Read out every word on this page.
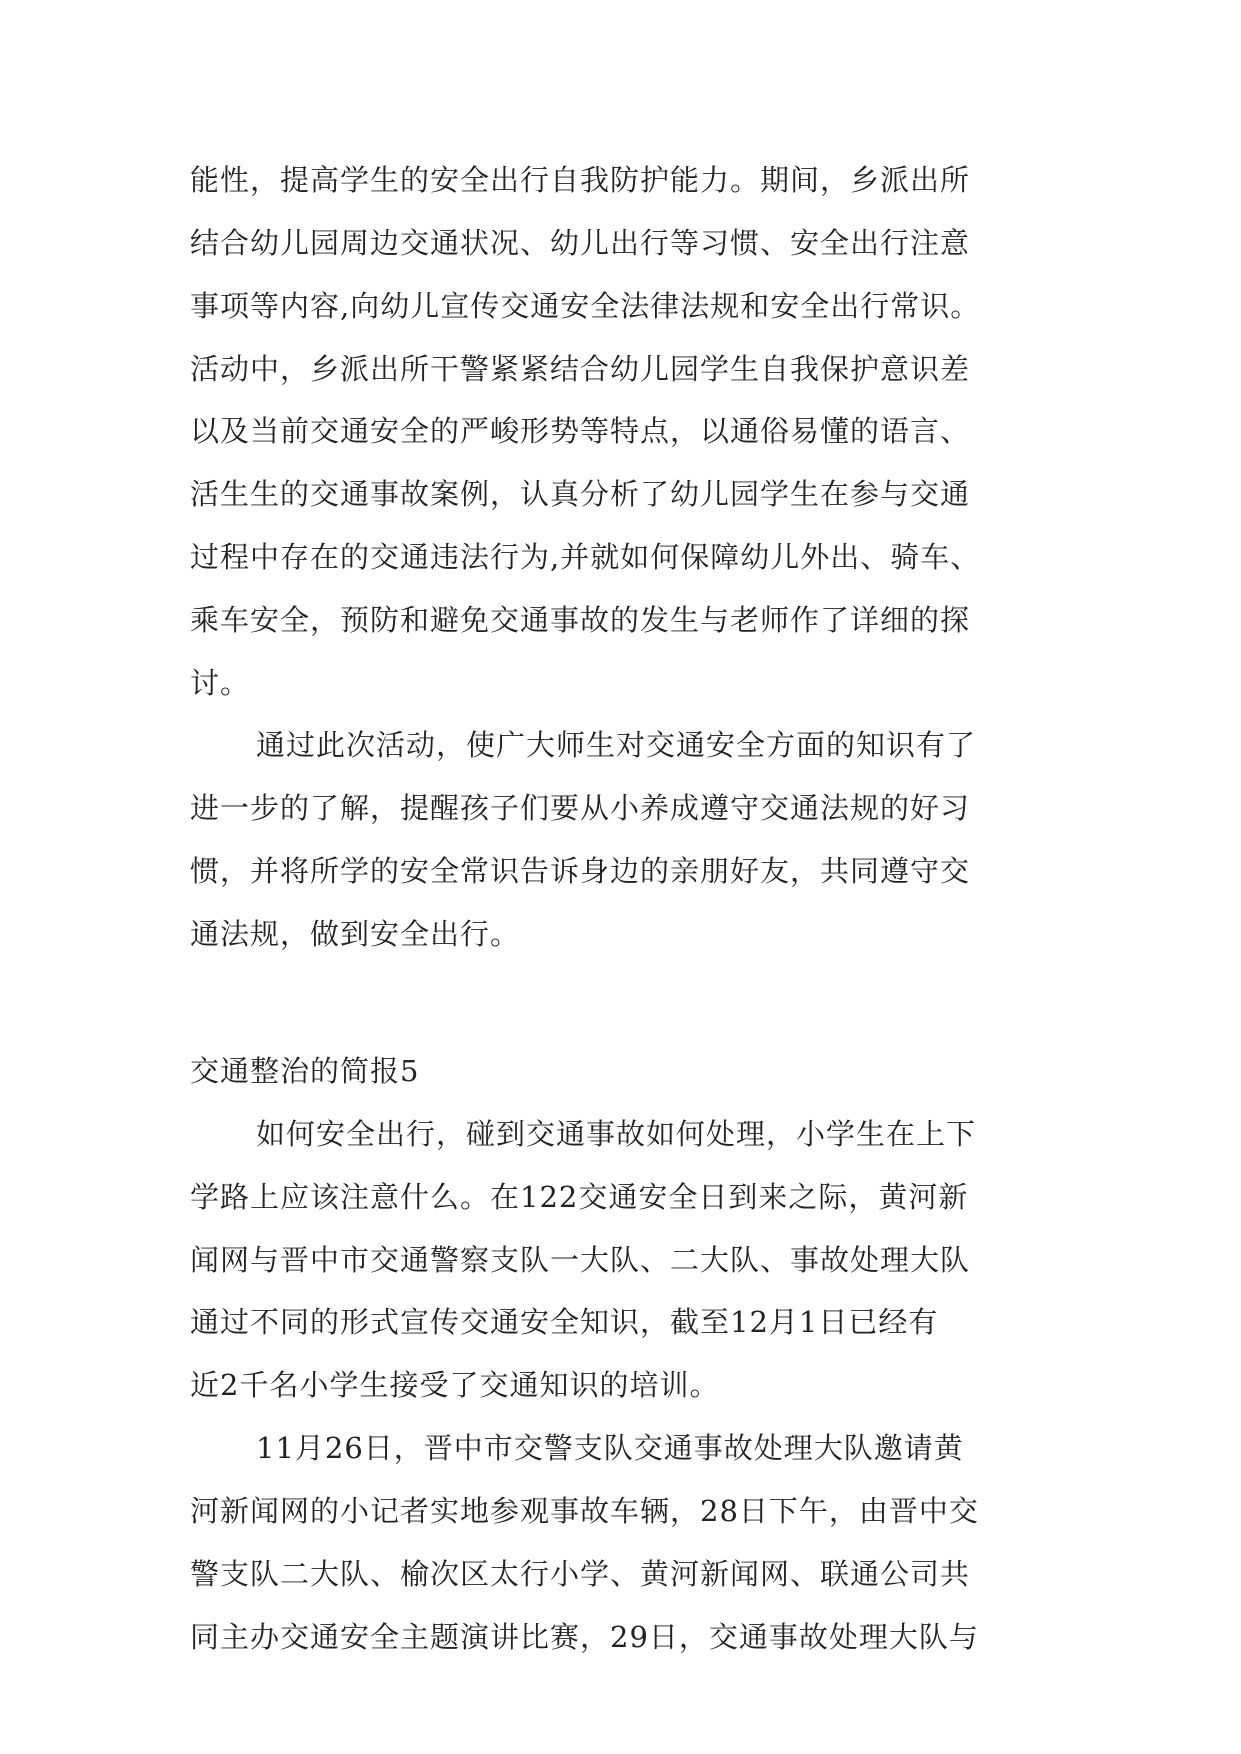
能性，提高学生的安全出行自我防护能力。期间，乡派出所
结合幼儿园周边交通状况、幼儿出行等习惯、安全出行注意
事项等内容,向幼儿宣传交通安全法律法规和安全出行常识。
活动中，乡派出所干警紧紧结合幼儿园学生自我保护意识差
以及当前交通安全的严峻形势等特点，以通俗易懂的语言、
活生生的交通事故案例，认真分析了幼儿园学生在参与交通
过程中存在的交通违法行为,并就如何保障幼儿外出、骑车、
乘车安全，预防和避免交通事故的发生与老师作了详细的探
讨。
通过此次活动，使广大师生对交通安全方面的知识有了
进一步的了解，提醒孩子们要从小养成遵守交通法规的好习
惯，并将所学的安全常识告诉身边的亲朋好友，共同遵守交
通法规，做到安全出行。
交通整治的简报5
如何安全出行，碰到交通事故如何处理，小学生在上下
学路上应该注意什么。在122交通安全日到来之际，黄河新
闻网与晋中市交通警察支队一大队、二大队、事故处理大队
通过不同的形式宣传交通安全知识，截至12月1日已经有
近2千名小学生接受了交通知识的培训。
11月26日，晋中市交警支队交通事故处理大队邀请黄
河新闻网的小记者实地参观事故车辆，28日下午，由晋中交
警支队二大队、榆次区太行小学、黄河新闻网、联通公司共
同主办交通安全主题演讲比赛，29日，交通事故处理大队与
